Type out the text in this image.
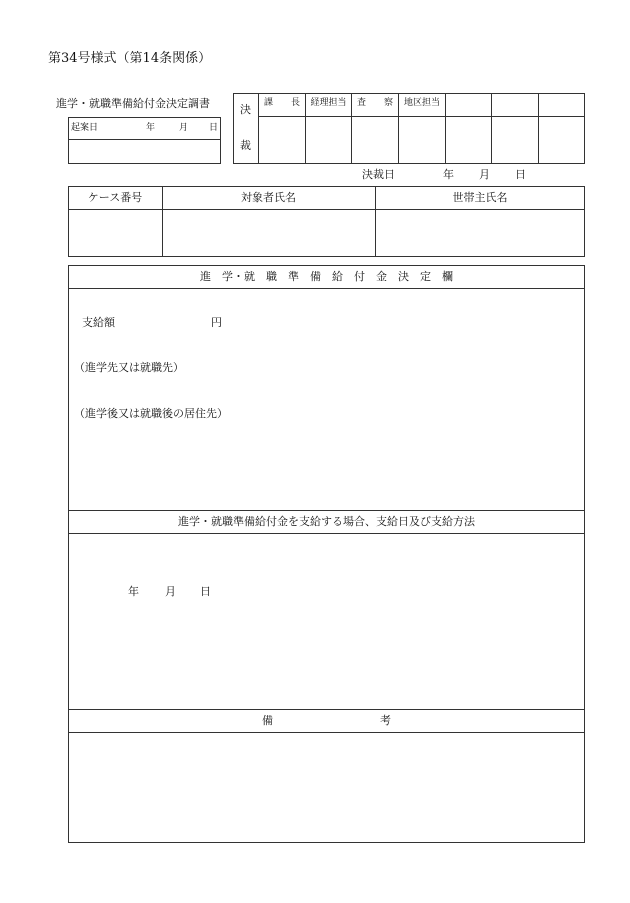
第34号様式（第14条関係）
進学・就職準備給付金決定調書
起案日	年	月 日
決
裁
課　　長	経理担当	査　　察	地区担当
決裁日	年 月 日
ケース番号	対象者氏名	世帯主氏名
進　学・就　職　準　備　給　付　金　決　定　欄
支給額	円
（進学先又は就職先）
（進学後又は就職後の居住先）
進学・就職準備給付金を支給する場合、支給日及び支給方法
年 月 日
備	考
